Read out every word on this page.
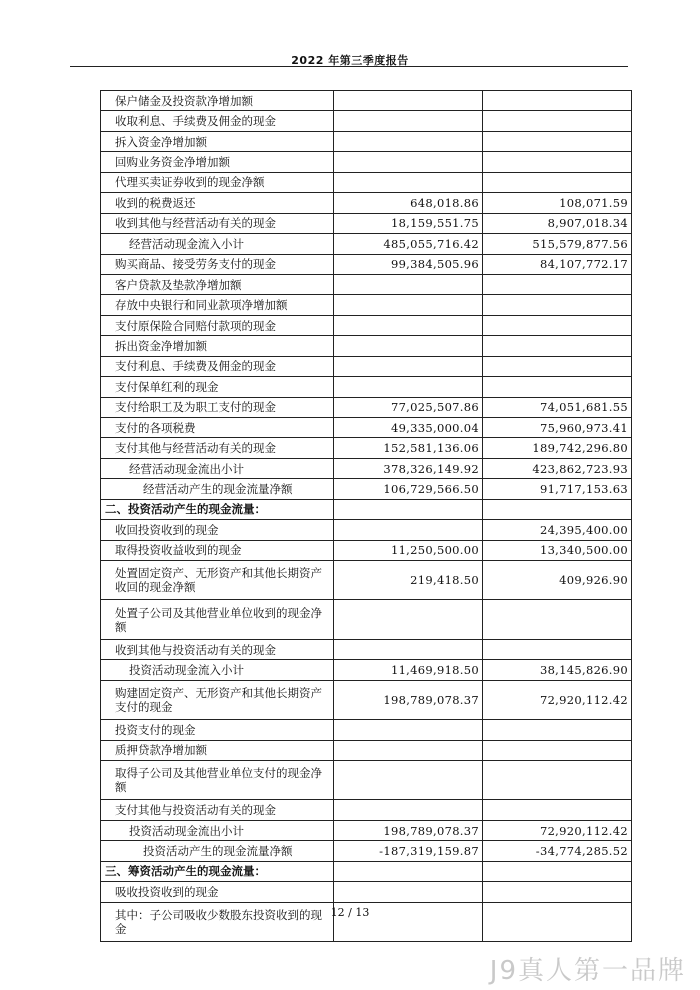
2022 年第三季度报告
保户储金及投资款净增加额		
收取利息、手续费及佣金的现金		
拆入资金净增加额		
回购业务资金净增加额		
代理买卖证券收到的现金净额		
收到的税费返还	648,018.86	108,071.59
收到其他与经营活动有关的现金	18,159,551.75	8,907,018.34
经营活动现金流入小计	485,055,716.42	515,579,877.56
购买商品、接受劳务支付的现金	99,384,505.96	84,107,772.17
客户贷款及垫款净增加额		
存放中央银行和同业款项净增加额		
支付原保险合同赔付款项的现金		
拆出资金净增加额		
支付利息、手续费及佣金的现金		
支付保单红利的现金		
支付给职工及为职工支付的现金	77,025,507.86	74,051,681.55
支付的各项税费	49,335,000.04	75,960,973.41
支付其他与经营活动有关的现金	152,581,136.06	189,742,296.80
经营活动现金流出小计	378,326,149.92	423,862,723.93
经营活动产生的现金流量净额	106,729,566.50	91,717,153.63
二、投资活动产生的现金流量：		
收回投资收到的现金		24,395,400.00
取得投资收益收到的现金	11,250,500.00	13,340,500.00
处置固定资产、无形资产和其他长期资产收回的现金净额	219,418.50	409,926.90
处置子公司及其他营业单位收到的现金净额		
收到其他与投资活动有关的现金		
投资活动现金流入小计	11,469,918.50	38,145,826.90
购建固定资产、无形资产和其他长期资产支付的现金	198,789,078.37	72,920,112.42
投资支付的现金		
质押贷款净增加额		
取得子公司及其他营业单位支付的现金净额		
支付其他与投资活动有关的现金		
投资活动现金流出小计	198,789,078.37	72,920,112.42
投资活动产生的现金流量净额	-187,319,159.87	-34,774,285.52
三、筹资活动产生的现金流量：		
吸收投资收到的现金		
其中：子公司吸收少数股东投资收到的现金		
12 / 13
J9真人第一品牌
